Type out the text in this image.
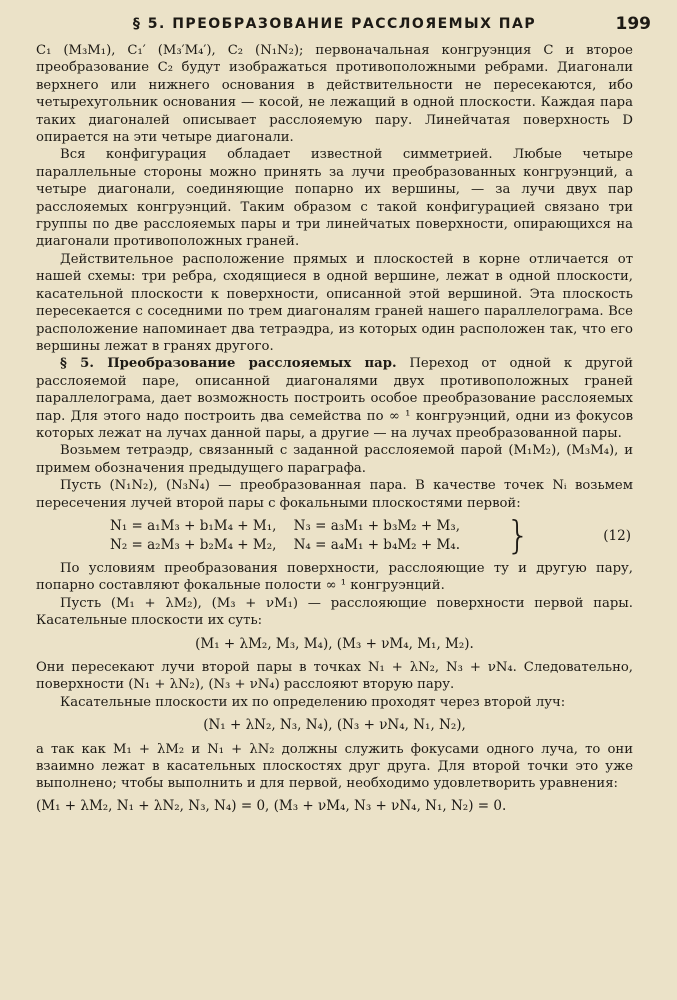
§ 5. ПРЕОБРАЗОВАНИЕ РАССЛОЯЕМЫХ ПАР	199

C₁ (M₃M₁), C₁′ (M₃′M₄′), C₂ (N₁N₂); первоначальная конгруэнция C и второе преобразование C₂ будут изображаться противоположными ребрами. Диагонали верхнего или нижнего основания в действительности не пересекаются, ибо четырехугольник основания — косой, не лежащий в одной плоскости. Каждая пара таких диагоналей описывает расслояемую пару. Линейчатая поверхность D опирается на эти четыре диагонали.

Вся конфигурация обладает известной симметрией. Любые четыре параллельные стороны можно принять за лучи преобразованных конгруэнций, а четыре диагонали, соединяющие попарно их вершины, — за лучи двух пар расслояемых конгруэнций. Таким образом с такой конфигурацией связано три группы по две расслояемых пары и три линейчатых поверхности, опирающихся на диагонали противоположных граней.

Действительное расположение прямых и плоскостей в корне отличается от нашей схемы: три ребра, сходящиеся в одной вершине, лежат в одной плоскости, касательной плоскости к поверхности, описанной этой вершиной. Эта плоскость пересекается с соседними по трем диагоналям граней нашего параллелограма. Все расположение напоминает два тетраэдра, из которых один расположен так, что его вершины лежат в гранях другого.

§ 5. Преобразование расслояемых пар. Переход от одной к другой расслояемой паре, описанной диагоналями двух противоположных граней параллелограма, дает возможность построить особое преобразование расслояемых пар. Для этого надо построить два семейства по ∞ ¹ конгруэнций, одни из фокусов которых лежат на лучах данной пары, а другие — на лучах преобразованной пары.

Возьмем тетраэдр, связанный с заданной расслояемой парой (M₁M₂), (M₃M₄), и примем обозначения предыдущего параграфа.

Пусть (N₁N₂), (N₃N₄) — преобразованная пара. В качестве точек Nᵢ возьмем пересечения лучей второй пары с фокальными плоскостями первой:

N₁ = a₁M₃ + b₁M₄ + M₁, N₃ = a₃M₁ + b₃M₂ + M₃,
N₂ = a₂M₃ + b₂M₄ + M₂, N₄ = a₄M₁ + b₄M₂ + M₄.	}	(12)

По условиям преобразования поверхности, расслояющие ту и другую пару, попарно составляют фокальные полости ∞ ¹ конгруэнций.

Пусть (M₁ + λM₂), (M₃ + νM₁) — расслояющие поверхности первой пары. Касательные плоскости их суть:

(M₁ + λM₂, M₃, M₄), (M₃ + νM₄, M₁, M₂).

Они пересекают лучи второй пары в точках N₁ + λN₂, N₃ + νN₄. Следовательно, поверхности (N₁ + λN₂), (N₃ + νN₄) расслояют вторую пару.

Касательные плоскости их по определению проходят через второй луч:

(N₁ + λN₂, N₃, N₄), (N₃ + νN₄, N₁, N₂),

а так как M₁ + λM₂ и N₁ + λN₂ должны служить фокусами одного луча, то они взаимно лежат в касательных плоскостях друг друга. Для второй точки это уже выполнено; чтобы выполнить и для первой, необходимо удовлетворить уравнения:

(M₁ + λM₂, N₁ + λN₂, N₃, N₄) = 0, (M₃ + νM₄, N₃ + νN₄, N₁, N₂) = 0.
